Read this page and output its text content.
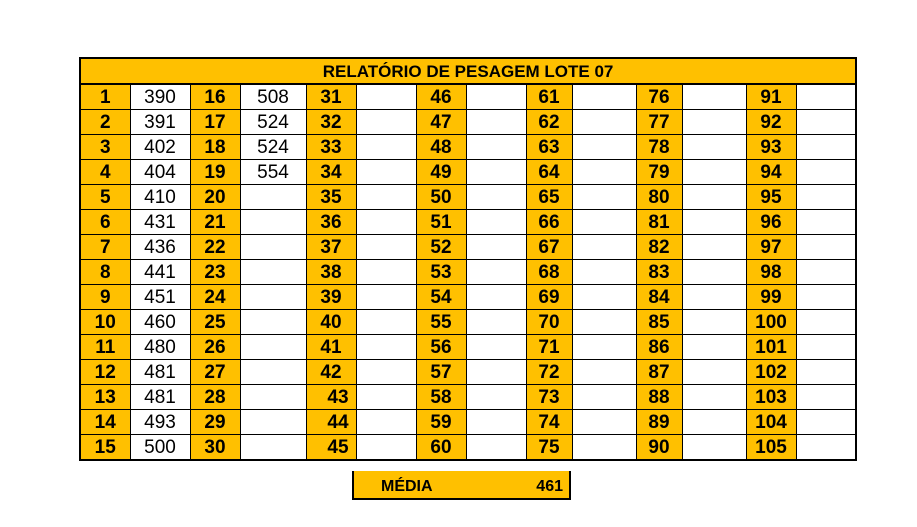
RELATÓRIO DE PESAGEM LOTE 07													
1	390	16	508	31		46		61		76		91	
2	391	17	524	32		47		62		77		92	
3	402	18	524	33		48		63		78		93	
4	404	19	554	34		49		64		79		94	
5	410	20		35		50		65		80		95	
6	431	21		36		51		66		81		96	
7	436	22		37		52		67		82		97	
8	441	23		38		53		68		83		98	
9	451	24		39		54		69		84		99	
10	460	25		40		55		70		85		100	
11	480	26		41		56		71		86		101	
12	481	27		42		57		72		87		102	
13	481	28		43		58		73		88		103	
14	493	29		44		59		74		89		104	
15	500	30		45		60		75		90		105	
MÉDIA	461
